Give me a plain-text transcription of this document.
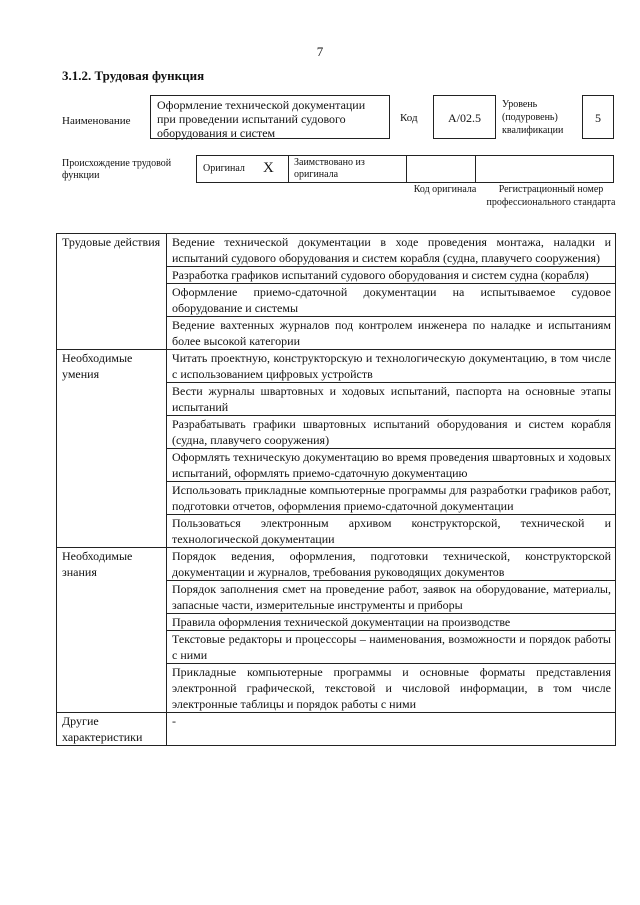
7
3.1.2. Трудовая функция
Наименование
Оформление технической документации при проведении испытаний судового оборудования и систем
Код	А/02.5
Уровень (подуровень) квалификации
5
Происхождение трудовой функции
Оригинал X Заимствовано из оригинала
Код оригинала	Регистрационный номер профессионального стандарта
Трудовые действия	Ведение технической документации в ходе проведения монтажа, наладки и испытаний судового оборудования и систем корабля (судна, плавучего сооружения)
	Разработка графиков испытаний судового оборудования и систем судна (корабля)
	Оформление приемо-сдаточной документации на испытываемое судовое оборудование и системы
	Ведение вахтенных журналов под контролем инженера по наладке и испытаниям более высокой категории
Необходимые умения	Читать проектную, конструкторскую и технологическую документацию, в том числе с использованием цифровых устройств
	Вести журналы швартовных и ходовых испытаний, паспорта на основные этапы испытаний
	Разрабатывать графики швартовных испытаний оборудования и систем корабля (судна, плавучего сооружения)
	Оформлять техническую документацию во время проведения швартовных и ходовых испытаний, оформлять приемо-сдаточную документацию
	Использовать прикладные компьютерные программы для разработки графиков работ, подготовки отчетов, оформления приемо-сдаточной документации
	Пользоваться электронным архивом конструкторской, технической и технологической документации
Необходимые знания	Порядок ведения, оформления, подготовки технической, конструкторской документации и журналов, требования руководящих документов
	Порядок заполнения смет на проведение работ, заявок на оборудование, материалы, запасные части, измерительные инструменты и приборы
	Правила оформления технической документации на производстве
	Текстовые редакторы и процессоры – наименования, возможности и порядок работы с ними
	Прикладные компьютерные программы и основные форматы представления электронной графической, текстовой и числовой информации, в том числе электронные таблицы и порядок работы с ними
Другие характеристики	-
